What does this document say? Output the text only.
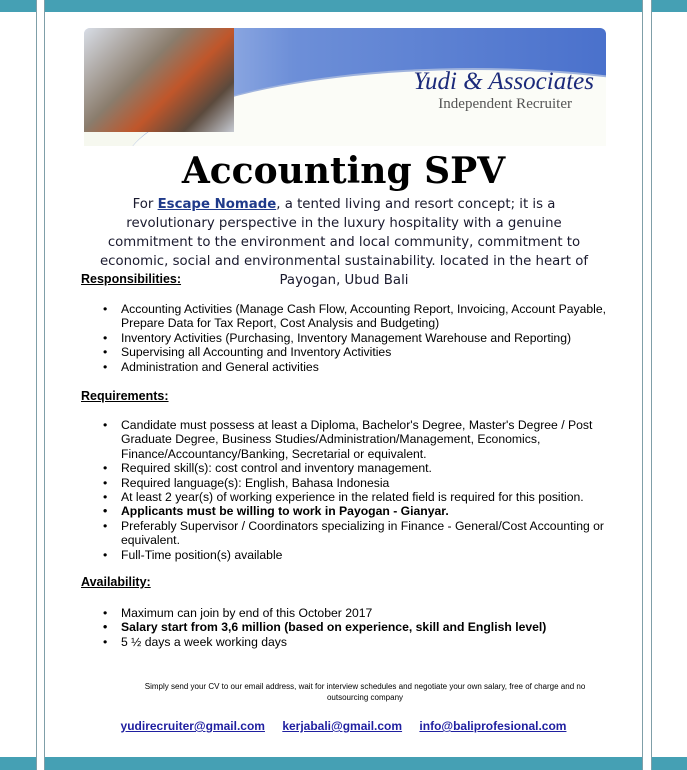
Yudi & Associates
Independent Recruiter
Accounting SPV

For Escape Nomade, a tented living and resort concept; it is a revolutionary perspective in the luxury hospitality with a genuine commitment to the environment and local community, commitment to economic, social and environmental sustainability. located in the heart of Payogan, Ubud Bali

Responsibilities:
• Accounting Activities (Manage Cash Flow, Accounting Report, Invoicing, Account Payable, Prepare Data for Tax Report, Cost Analysis and Budgeting)
• Inventory Activities (Purchasing, Inventory Management Warehouse and Reporting)
• Supervising all Accounting and Inventory Activities
• Administration and General activities
Requirements:
• Candidate must possess at least a Diploma, Bachelor's Degree, Master's Degree / Post Graduate Degree, Business Studies/Administration/Management, Economics, Finance/Accountancy/Banking, Secretarial or equivalent.
• Required skill(s): cost control and inventory management.
• Required language(s): English, Bahasa Indonesia
• At least 2 year(s) of working experience in the related field is required for this position.
• Applicants must be willing to work in Payogan - Gianyar.
• Preferably Supervisor / Coordinators specializing in Finance - General/Cost Accounting or equivalent.
• Full-Time position(s) available
Availability:
• Maximum can join by end of this October 2017
• Salary start from 3,6 million (based on experience, skill and English level)
• 5 ½ days a week working days

Simply send your CV to our email address, wait for interview schedules and negotiate your own salary, free of charge and no outsourcing company

yudirecruiter@gmail.com kerjabali@gmail.com info@baliprofesional.com
